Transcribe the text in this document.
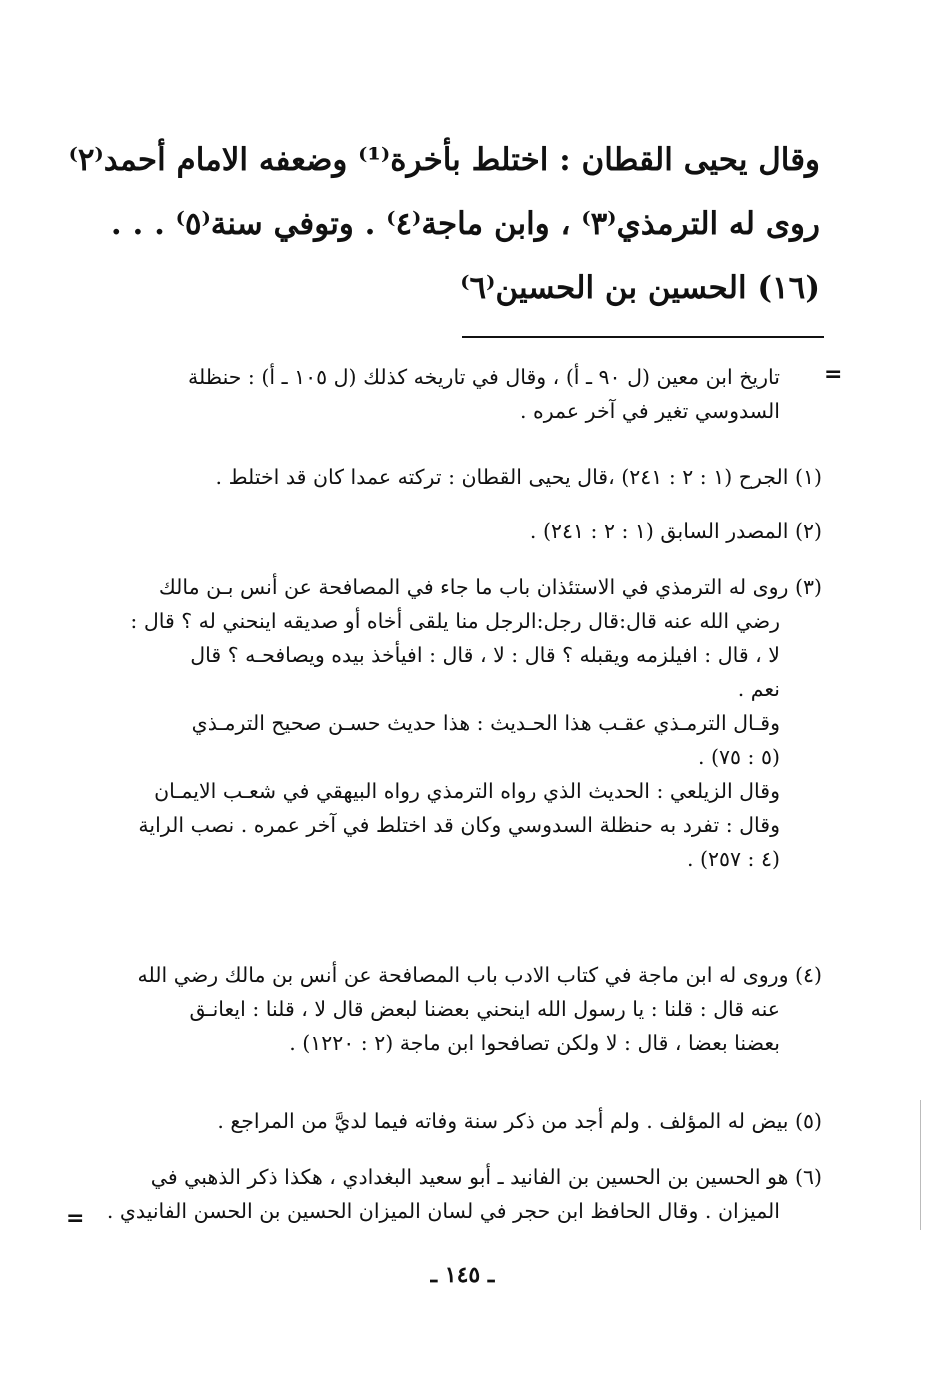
وقال يحيى القطان : اختلط بأخرة⁽¹⁾ وضعفه الامام أحمد⁽٢⁾
روى له الترمذي⁽٣⁾ ، وابن ماجة⁽٤⁾ . وتوفي سنة⁽٥⁾ . . .
(١٦) الحسين بن الحسين⁽٦⁾
=
تاريخ ابن معين (ل ٩٠ ـ أ) ، وقال في تاريخه كذلك (ل ١٠٥ ـ أ) : حنظلة
السدوسي تغير في آخر عمره .
(١) الجرح (١ : ٢ : ٢٤١) ،قال يحيى القطان : تركته عمدا كان قد اختلط .
(٢) المصدر السابق (١ : ٢ : ٢٤١) .
(٣) روى له الترمذي في الاستئذان باب ما جاء في المصافحة عن أنس بـن مالك
رضي الله عنه قال:قال رجل:الرجل منا يلقى أخاه أو صديقه اينحني له ؟ قال :
لا ، قال : افيلزمه ويقبله ؟ قال : لا ، قال : افيأخذ بيده ويصافحـه ؟ قال
نعم .
وقـال الترمـذي عقـب هذا الحـديث : هذا حديث حسـن صحيح الترمـذي
(٥ : ٧٥) .
وقال الزيلعي : الحديث الذي رواه الترمذي رواه البيهقي في شعـب الايمـان
وقال : تفرد به حنظلة السدوسي وكان قد اختلط في آخر عمره . نصب الراية
(٤ : ٢٥٧) .
(٤) وروى له ابن ماجة في كتاب الادب باب المصافحة عن أنس بن مالك رضي الله
عنه قال : قلنا : يا رسول الله اينحني بعضنا لبعض قال لا ، قلنا : ايعانـق
بعضنا بعضا ، قال : لا ولكن تصافحوا ابن ماجة (٢ : ١٢٢٠) .
(٥) بيض له المؤلف . ولم أجد من ذكر سنة وفاته فيما لديَّ من المراجع .
(٦) هو الحسين بن الحسين بن الفانيد ـ أبو سعيد البغدادي ، هكذا ذكر الذهبي في
الميزان . وقال الحافظ ابن حجر في لسان الميزان الحسين بن الحسن الفانيدي .
=
ـ ١٤٥ ـ
